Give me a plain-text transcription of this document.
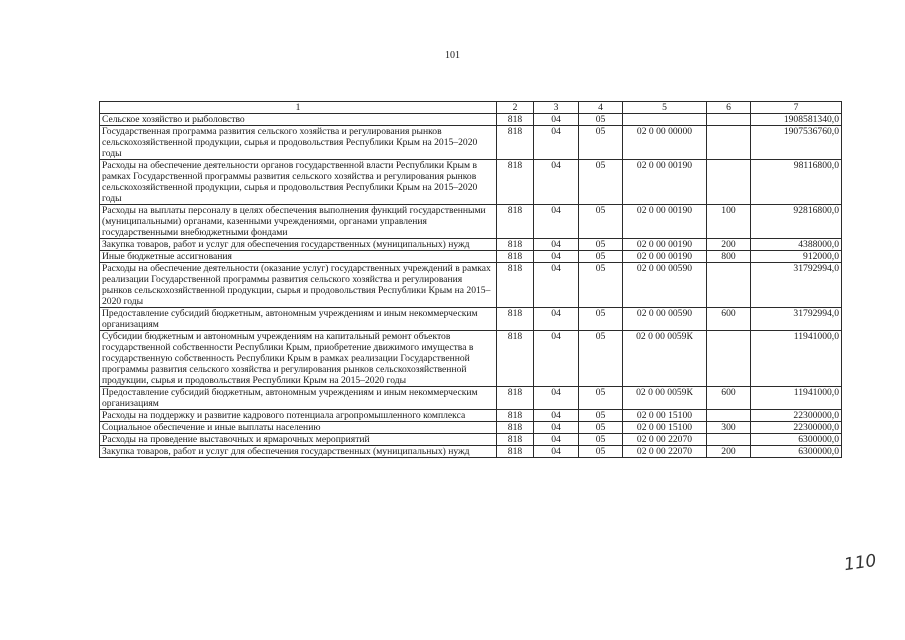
101
1	2	3	4	5	6	7
Сельское хозяйство и рыболовство	818	04	05			1908581340,0
Государственная программа развития сельского хозяйства и регулирования рынков сельскохозяйственной продукции, сырья и продовольствия Республики Крым на 2015–2020 годы	818	04	05	02 0 00 00000		1907536760,0
Расходы на обеспечение деятельности органов государственной власти Республики Крым в рамках Государственной программы развития сельского хозяйства и регулирования рынков сельскохозяйственной продукции, сырья и продовольствия Республики Крым на 2015–2020 годы	818	04	05	02 0 00 00190		98116800,0
Расходы на выплаты персоналу в целях обеспечения выполнения функций государственными (муниципальными) органами, казенными учреждениями, органами управления государственными внебюджетными фондами	818	04	05	02 0 00 00190	100	92816800,0
Закупка товаров, работ и услуг для обеспечения государственных (муниципальных) нужд	818	04	05	02 0 00 00190	200	4388000,0
Иные бюджетные ассигнования	818	04	05	02 0 00 00190	800	912000,0
Расходы на обеспечение деятельности (оказание услуг) государственных учреждений в рамках реализации Государственной программы развития сельского хозяйства и регулирования рынков сельскохозяйственной продукции, сырья и продовольствия Республики Крым на 2015–2020 годы	818	04	05	02 0 00 00590		31792994,0
Предоставление субсидий бюджетным, автономным учреждениям и иным некоммерческим организациям	818	04	05	02 0 00 00590	600	31792994,0
Субсидии бюджетным и автономным учреждениям на капитальный ремонт объектов государственной собственности Республики Крым, приобретение движимого имущества в государственную собственность Республики Крым в рамках реализации Государственной программы развития сельского хозяйства и регулирования рынков сельскохозяйственной продукции, сырья и продовольствия Республики Крым на 2015–2020 годы	818	04	05	02 0 00 0059К		11941000,0
Предоставление субсидий бюджетным, автономным учреждениям и иным некоммерческим организациям	818	04	05	02 0 00 0059К	600	11941000,0
Расходы на поддержку и развитие кадрового потенциала агропромышленного комплекса	818	04	05	02 0 00 15100		22300000,0
Социальное обеспечение и иные выплаты населению	818	04	05	02 0 00 15100	300	22300000,0
Расходы на проведение выставочных и ярмарочных мероприятий	818	04	05	02 0 00 22070		6300000,0
Закупка товаров, работ и услуг для обеспечения государственных (муниципальных) нужд	818	04	05	02 0 00 22070	200	6300000,0
110
